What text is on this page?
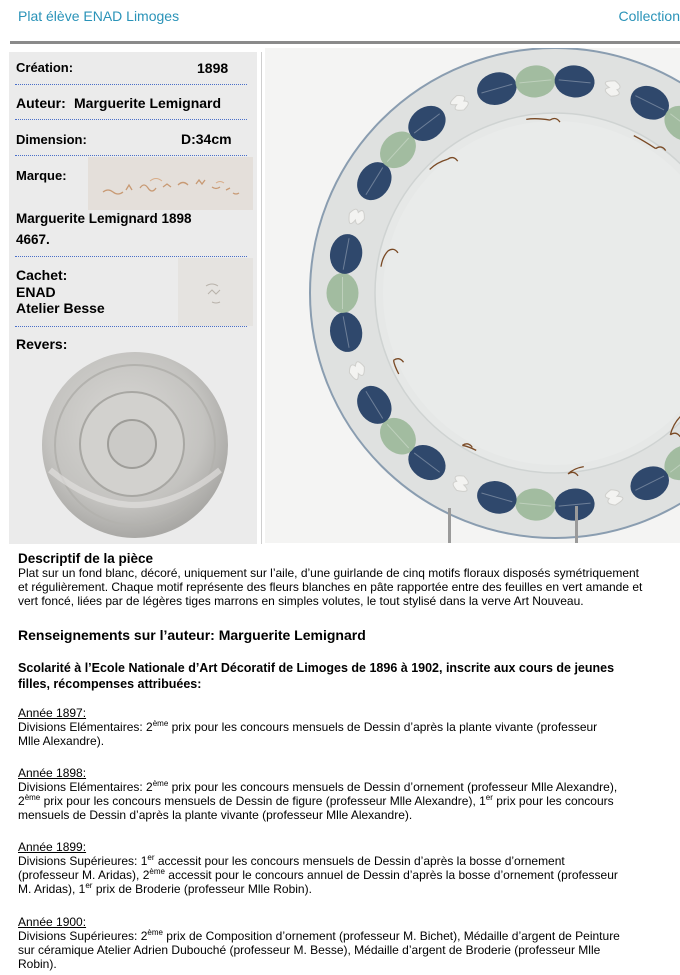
Plat élève ENAD Limoges	Collection
Création:	1898
Auteur: Marguerite Lemignard
Dimension:	D:34cm
Marque:
Marguerite Lemignard 1898
4667.
Cachet:
ENAD
Atelier Besse
Revers:
Descriptif de la pièce
Plat sur un fond blanc, décoré, uniquement sur l’aile, d’une guirlande de cinq motifs floraux disposés symétriquement
et régulièrement. Chaque motif représente des fleurs blanches en pâte rapportée entre des feuilles en vert amande et
vert foncé, liées par de légères tiges marrons en simples volutes, le tout stylisé dans la verve Art Nouveau.
Renseignements sur l’auteur: Marguerite Lemignard
Scolarité à l’Ecole Nationale d’Art Décoratif de Limoges de 1896 à 1902, inscrite aux cours de jeunes
filles, récompenses attribuées:
Année 1897:
Divisions Elémentaires: 2ème prix pour les concours mensuels de Dessin d’après la plante vivante (professeur
Mlle Alexandre).
Année 1898:
Divisions Elémentaires: 2ème prix pour les concours mensuels de Dessin d’ornement (professeur Mlle Alexandre),
2ème prix pour les concours mensuels de Dessin de figure (professeur Mlle Alexandre), 1er prix pour les concours
mensuels de Dessin d’après la plante vivante (professeur Mlle Alexandre).
Année 1899:
Divisions Supérieures: 1er accessit pour les concours mensuels de Dessin d’après la bosse d’ornement
(professeur M. Aridas), 2ème accessit pour le concours annuel de Dessin d’après la bosse d’ornement (professeur
M. Aridas), 1er prix de Broderie (professeur Mlle Robin).
Année 1900:
Divisions Supérieures: 2ème prix de Composition d’ornement (professeur M. Bichet), Médaille d’argent de Peinture
sur céramique Atelier Adrien Dubouché (professeur M. Besse), Médaille d’argent de Broderie (professeur Mlle
Robin).
